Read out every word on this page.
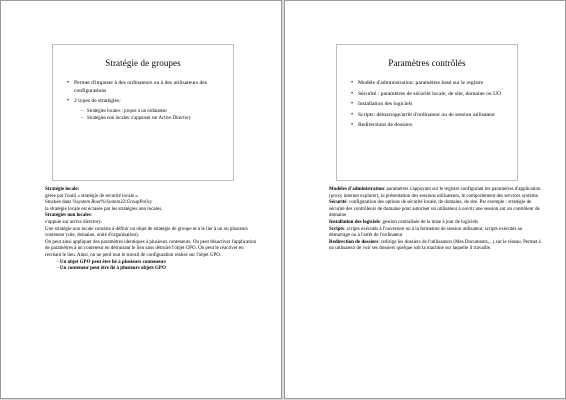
Stratégie de groupes
• Permet d'imposer à des ordinateurs ou à des utilisateurs des configurations
• 2 types de stratégies:
– Stratégies locales : propre à un ordinateur
– Stratégies non locales: s'appuient sur Active Directory

Stratégie locale:

gérée par l'outil « stratégie de sécurité locale ».

Stockée dans %system Root%\System32\GroupPolicy

la stratégie locale est écrasée par les stratégies non locales.

Stratégies non locales:

s'appuie sur active directory.

Une stratégie non locale consiste à définir un objet de stratégie de groupe et à le lier à un ou plusieurs conteneur (site, domaine, unité d'organisation).

On peut ainsi appliquer des paramètres identiques à plusieurs conteneurs. On peut désactiver l'application de paramètres à un conteneur en détruisant le lien sans détruire l'objet GPO. On peut le réactiver en recréant le lien. Ainsi, on ne perd tout le travail de configuration réalisé sur l'objet GPO.

- Un objet GPO peut être lié à plusieurs conteneurs

- Un conteneur peut être lié à plusieurs objets GPO

Paramètres contrôlés
• Modèle d'administration: paramètres basé sur le registre
• Sécurité : paramètres de sécurité locale, de site, domaine ou UO
• Installation des logiciels
• Scripts: démarrage/arrêt d'ordinateur ou de session utilisateur
• Redirections de dossiers

Modèles d'administration: paramètres s'appuyant sur le registre configurant les paramètres d'application (proxy internet explorer), la présentation des sessions utilisateurs, le comportement des services système.

Sécurité: configuration des options de sécurité locale, de domaine, de site. Par exemple : stratégie de sécurité des contrôleurs de domaine pour autoriser un utilisateur à ouvrir une session sur un contrôleur de domaine

Installation des logiciels: gestion centralisée de la mise à jour de logiciels

Scripts: scripts exécutés à l'ouverture ou à la fermeture de session utilisateur, scripts exécutés au démarrage ou à l'arrêt de l'ordinateur

Redirection de dossiers: redirige les dossiers de l'utilisateurs (Mes Documents,...) sur le réseau. Permet à un utilisateur de voir ses dossiers quelque soit la machine sur laquelle il travaille.
